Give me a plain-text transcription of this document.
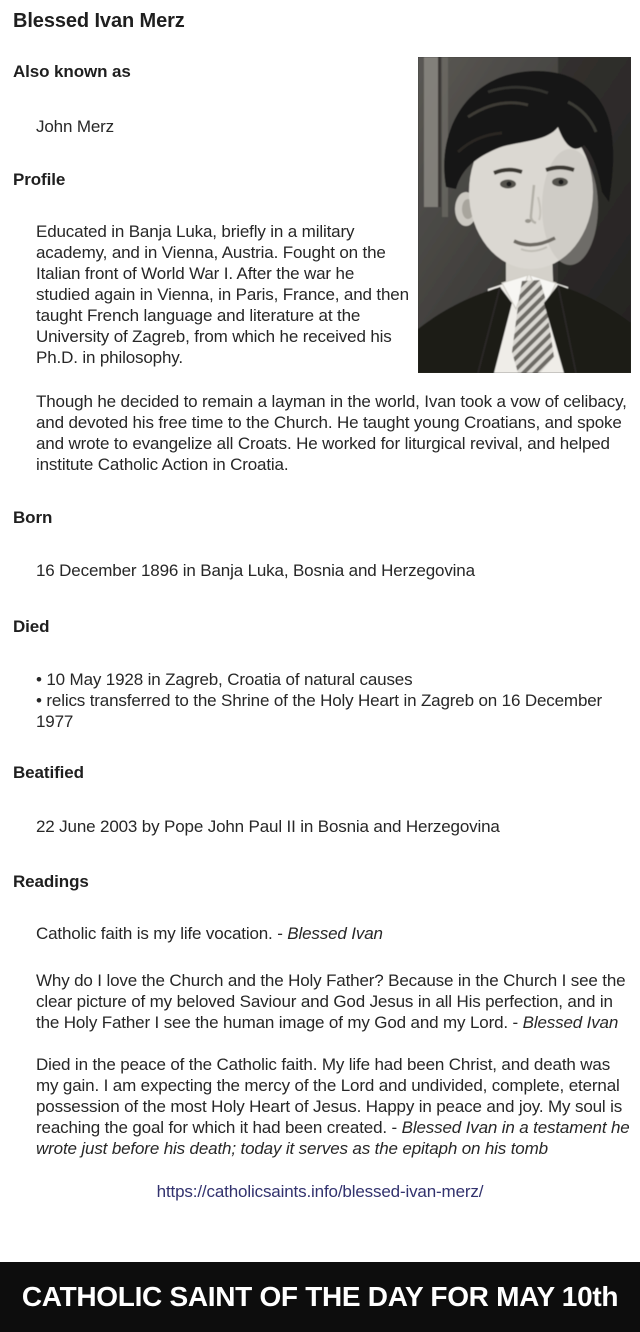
Blessed Ivan Merz
Also known as

John Merz

Profile

Educated in Banja Luka, briefly in a military academy, and in Vienna, Austria. Fought on the Italian front of World War I. After the war he studied again in Vienna, in Paris, France, and then taught French language and literature at the University of Zagreb, from which he received his Ph.D. in philosophy.

Though he decided to remain a layman in the world, Ivan took a vow of celibacy, and devoted his free time to the Church. He taught young Croatians, and spoke and wrote to evangelize all Croats. He worked for liturgical revival, and helped institute Catholic Action in Croatia.

Born

16 December 1896 in Banja Luka, Bosnia and Herzegovina

Died
• 10 May 1928 in Zagreb, Croatia of natural causes
• relics transferred to the Shrine of the Holy Heart in Zagreb on 16 December 1977
Beatified

22 June 2003 by Pope John Paul II in Bosnia and Herzegovina

Readings

Catholic faith is my life vocation. - Blessed Ivan

Why do I love the Church and the Holy Father? Because in the Church I see the clear picture of my beloved Saviour and God Jesus in all His perfection, and in the Holy Father I see the human image of my God and my Lord. - Blessed Ivan

Died in the peace of the Catholic faith. My life had been Christ, and death was my gain. I am expecting the mercy of the Lord and undivided, complete, eternal possession of the most Holy Heart of Jesus. Happy in peace and joy. My soul is reaching the goal for which it had been created. - Blessed Ivan in a testament he wrote just before his death; today it serves as the epitaph on his tomb

https://catholicsaints.info/blessed-ivan-merz/
CATHOLIC SAINT OF THE DAY FOR MAY 10th
